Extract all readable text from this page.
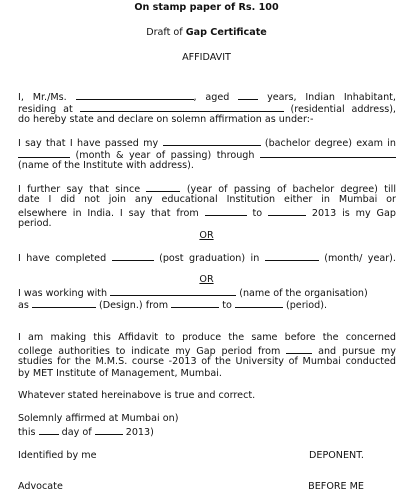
On stamp paper of Rs. 100

Draft of Gap Certificate

AFFIDAVIT

I, Mr./Ms.	, aged	years, Indian Inhabitant,

residing at	(residential address),

do hereby state and declare on solemn affirmation as under:-

I say that I have passed my	(bachelor degree) exam in

(month & year of passing) through

(name of the Institute with address).

I further say that since	(year of passing of bachelor degree) till

date I did not join any educational Institution either in Mumbai or

elsewhere in India. I say that from	to	2013 is my Gap

period.

OR

I have completed	(post graduation) in	(month/ year).

OR

I was working with	(name of the organisation)

as	(Design.) from	to	(period).

I am making this Affidavit to produce the same before the concerned

college authorities to indicate my Gap period from	and pursue my

studies for the M.M.S. course -2013 of the University of Mumbai conducted

by MET Institute of Management, Mumbai.

Whatever stated hereinabove is true and correct.

Solemnly affirmed at Mumbai on)

this	day of	2013)

Identified by me	DEPONENT.

Advocate	BEFORE ME
